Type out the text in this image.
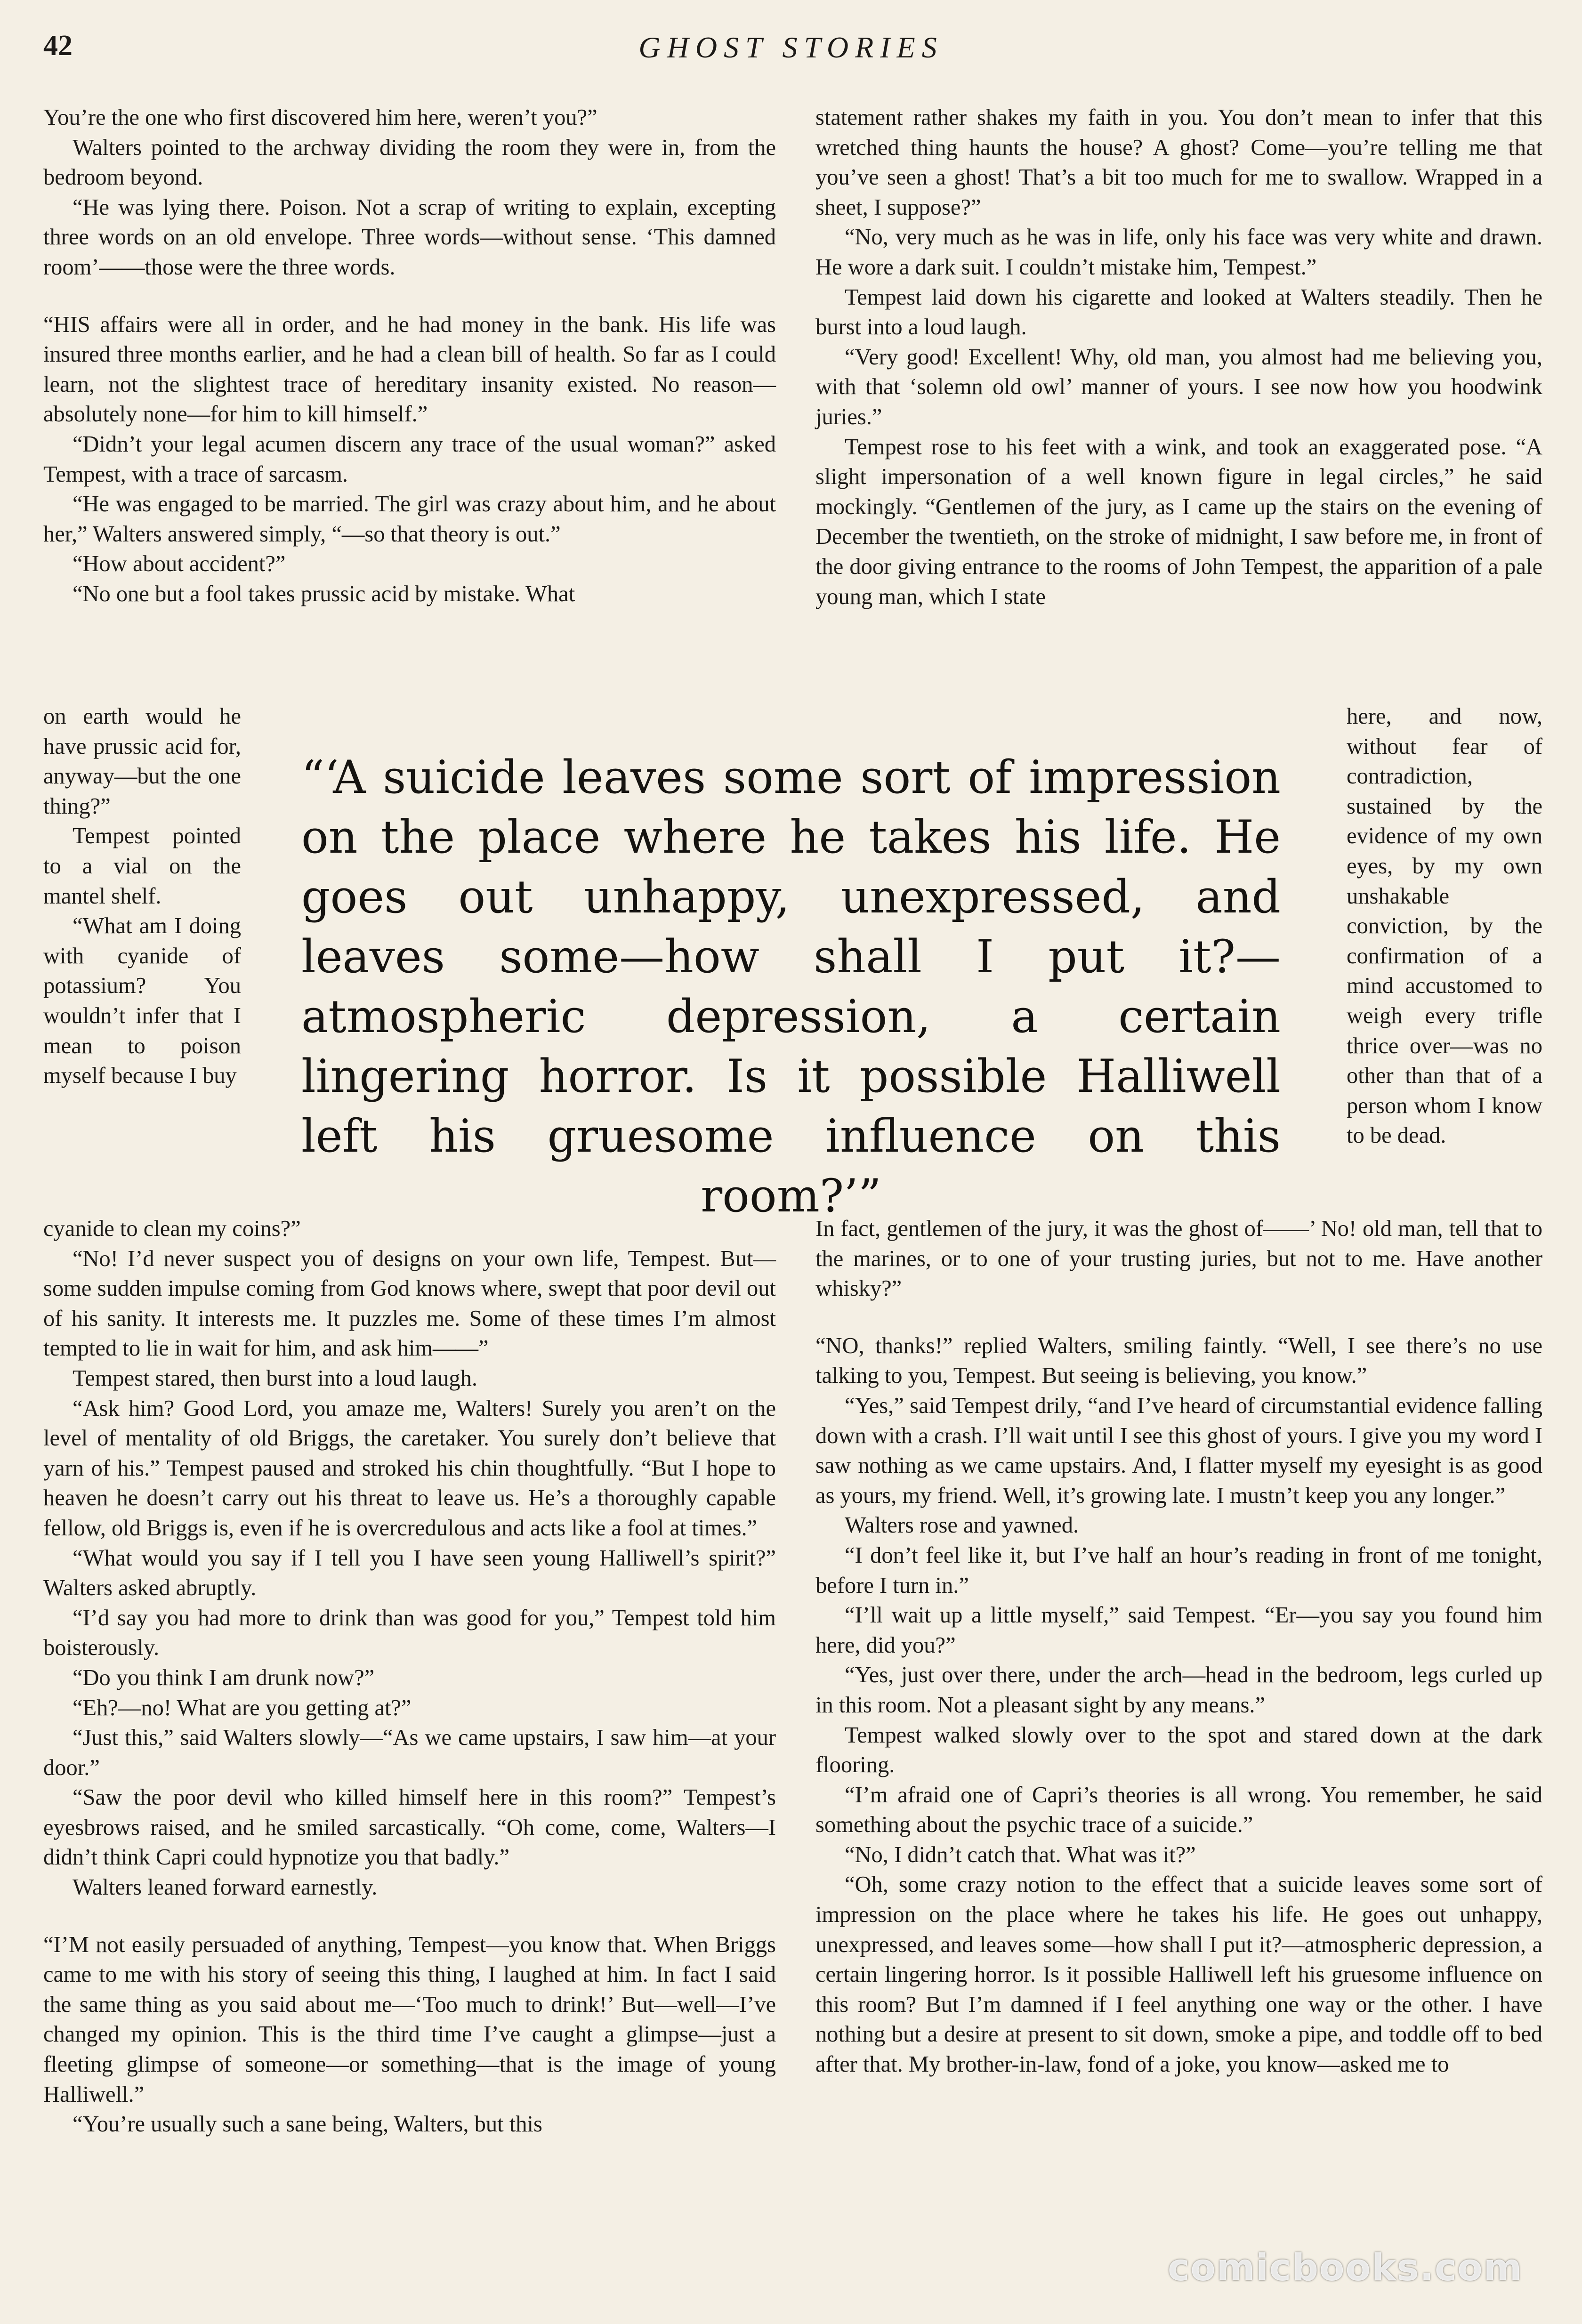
42	GHOST STORIES

You’re the one who first discovered him here, weren’t you?”

Walters pointed to the archway dividing the room they were in, from the bedroom beyond.

“He was lying there. Poison. Not a scrap of writing to explain, excepting three words on an old envelope. Three words—without sense. ‘This damned room’——those were the three words.

“HIS affairs were all in order, and he had money in the bank. His life was insured three months earlier, and he had a clean bill of health. So far as I could learn, not the slightest trace of hereditary insanity existed. No reason—absolutely none—for him to kill himself.”

“Didn’t your legal acumen discern any trace of the usual woman?” asked Tempest, with a trace of sarcasm.

“He was engaged to be married. The girl was crazy about him, and he about her,” Walters answered simply, “—so that theory is out.”

“How about accident?”

“No one but a fool takes prussic acid by mistake. What

on earth would he have prussic acid for, anyway—but the one thing?”

Tempest pointed to a vial on the mantel shelf.

“What am I doing with cyanide of potassium? You wouldn’t infer that I mean to poison myself because I buy

“‘A suicide leaves some sort of impression on the place where he takes his life. He goes out unhappy, unexpressed, and leaves some—how shall I put it?—atmospheric depression, a certain lingering horror. Is it possible Halliwell left his gruesome influence on this room?’”

cyanide to clean my coins?”

“No! I’d never suspect you of designs on your own life, Tempest. But—some sudden impulse coming from God knows where, swept that poor devil out of his sanity. It interests me. It puzzles me. Some of these times I’m almost tempted to lie in wait for him, and ask him——”

Tempest stared, then burst into a loud laugh.

“Ask him? Good Lord, you amaze me, Walters! Surely you aren’t on the level of mentality of old Briggs, the caretaker. You surely don’t believe that yarn of his.” Tempest paused and stroked his chin thoughtfully. “But I hope to heaven he doesn’t carry out his threat to leave us. He’s a thoroughly capable fellow, old Briggs is, even if he is overcredulous and acts like a fool at times.”

“What would you say if I tell you I have seen young Halliwell’s spirit?” Walters asked abruptly.

“I’d say you had more to drink than was good for you,” Tempest told him boisterously.

“Do you think I am drunk now?”

“Eh?—no! What are you getting at?”

“Just this,” said Walters slowly—“As we came upstairs, I saw him—at your door.”

“Saw the poor devil who killed himself here in this room?” Tempest’s eyesbrows raised, and he smiled sarcastically. “Oh come, come, Walters—I didn’t think Capri could hypnotize you that badly.”

Walters leaned forward earnestly.

“I’M not easily persuaded of anything, Tempest—you know that. When Briggs came to me with his story of seeing this thing, I laughed at him. In fact I said the same thing as you said about me—‘Too much to drink!’ But—well—I’ve changed my opinion. This is the third time I’ve caught a glimpse—just a fleeting glimpse of someone—or something—that is the image of young Halliwell.”

“You’re usually such a sane being, Walters, but this

statement rather shakes my faith in you. You don’t mean to infer that this wretched thing haunts the house? A ghost? Come—you’re telling me that you’ve seen a ghost! That’s a bit too much for me to swallow. Wrapped in a sheet, I suppose?”

“No, very much as he was in life, only his face was very white and drawn. He wore a dark suit. I couldn’t mistake him, Tempest.”

Tempest laid down his cigarette and looked at Walters steadily. Then he burst into a loud laugh.

“Very good! Excellent! Why, old man, you almost had me believing you, with that ‘solemn old owl’ manner of yours. I see now how you hoodwink juries.”

Tempest rose to his feet with a wink, and took an exaggerated pose. “A slight impersonation of a well known figure in legal circles,” he said mockingly. “Gentlemen of the jury, as I came up the stairs on the evening of December the twentieth, on the stroke of midnight, I saw before me, in front of the door giving entrance to the rooms of John Tempest, the apparition of a pale young man, which I state

here, and now, without fear of contradiction, sustained by the evidence of my own eyes, by my own unshakable conviction, by the confirmation of a mind accustomed to weigh every trifle thrice over—was no other than that of a person whom I know to be dead.

In fact, gentlemen of the jury, it was the ghost of——’ No! old man, tell that to the marines, or to one of your trusting juries, but not to me. Have another whisky?”

“NO, thanks!” replied Walters, smiling faintly. “Well, I see there’s no use talking to you, Tempest. But seeing is believing, you know.”

“Yes,” said Tempest drily, “and I’ve heard of circumstantial evidence falling down with a crash. I’ll wait until I see this ghost of yours. I give you my word I saw nothing as we came upstairs. And, I flatter myself my eyesight is as good as yours, my friend. Well, it’s growing late. I mustn’t keep you any longer.”

Walters rose and yawned.

“I don’t feel like it, but I’ve half an hour’s reading in front of me tonight, before I turn in.”

“I’ll wait up a little myself,” said Tempest. “Er—you say you found him here, did you?”

“Yes, just over there, under the arch—head in the bedroom, legs curled up in this room. Not a pleasant sight by any means.”

Tempest walked slowly over to the spot and stared down at the dark flooring.

“I’m afraid one of Capri’s theories is all wrong. You remember, he said something about the psychic trace of a suicide.”

“No, I didn’t catch that. What was it?”

“Oh, some crazy notion to the effect that a suicide leaves some sort of impression on the place where he takes his life. He goes out unhappy, unexpressed, and leaves some—how shall I put it?—atmospheric depression, a certain lingering horror. Is it possible Halliwell left his gruesome influence on this room? But I’m damned if I feel anything one way or the other. I have nothing but a desire at present to sit down, smoke a pipe, and toddle off to bed after that. My brother-in-law, fond of a joke, you know—asked me to

comicbooks.com
